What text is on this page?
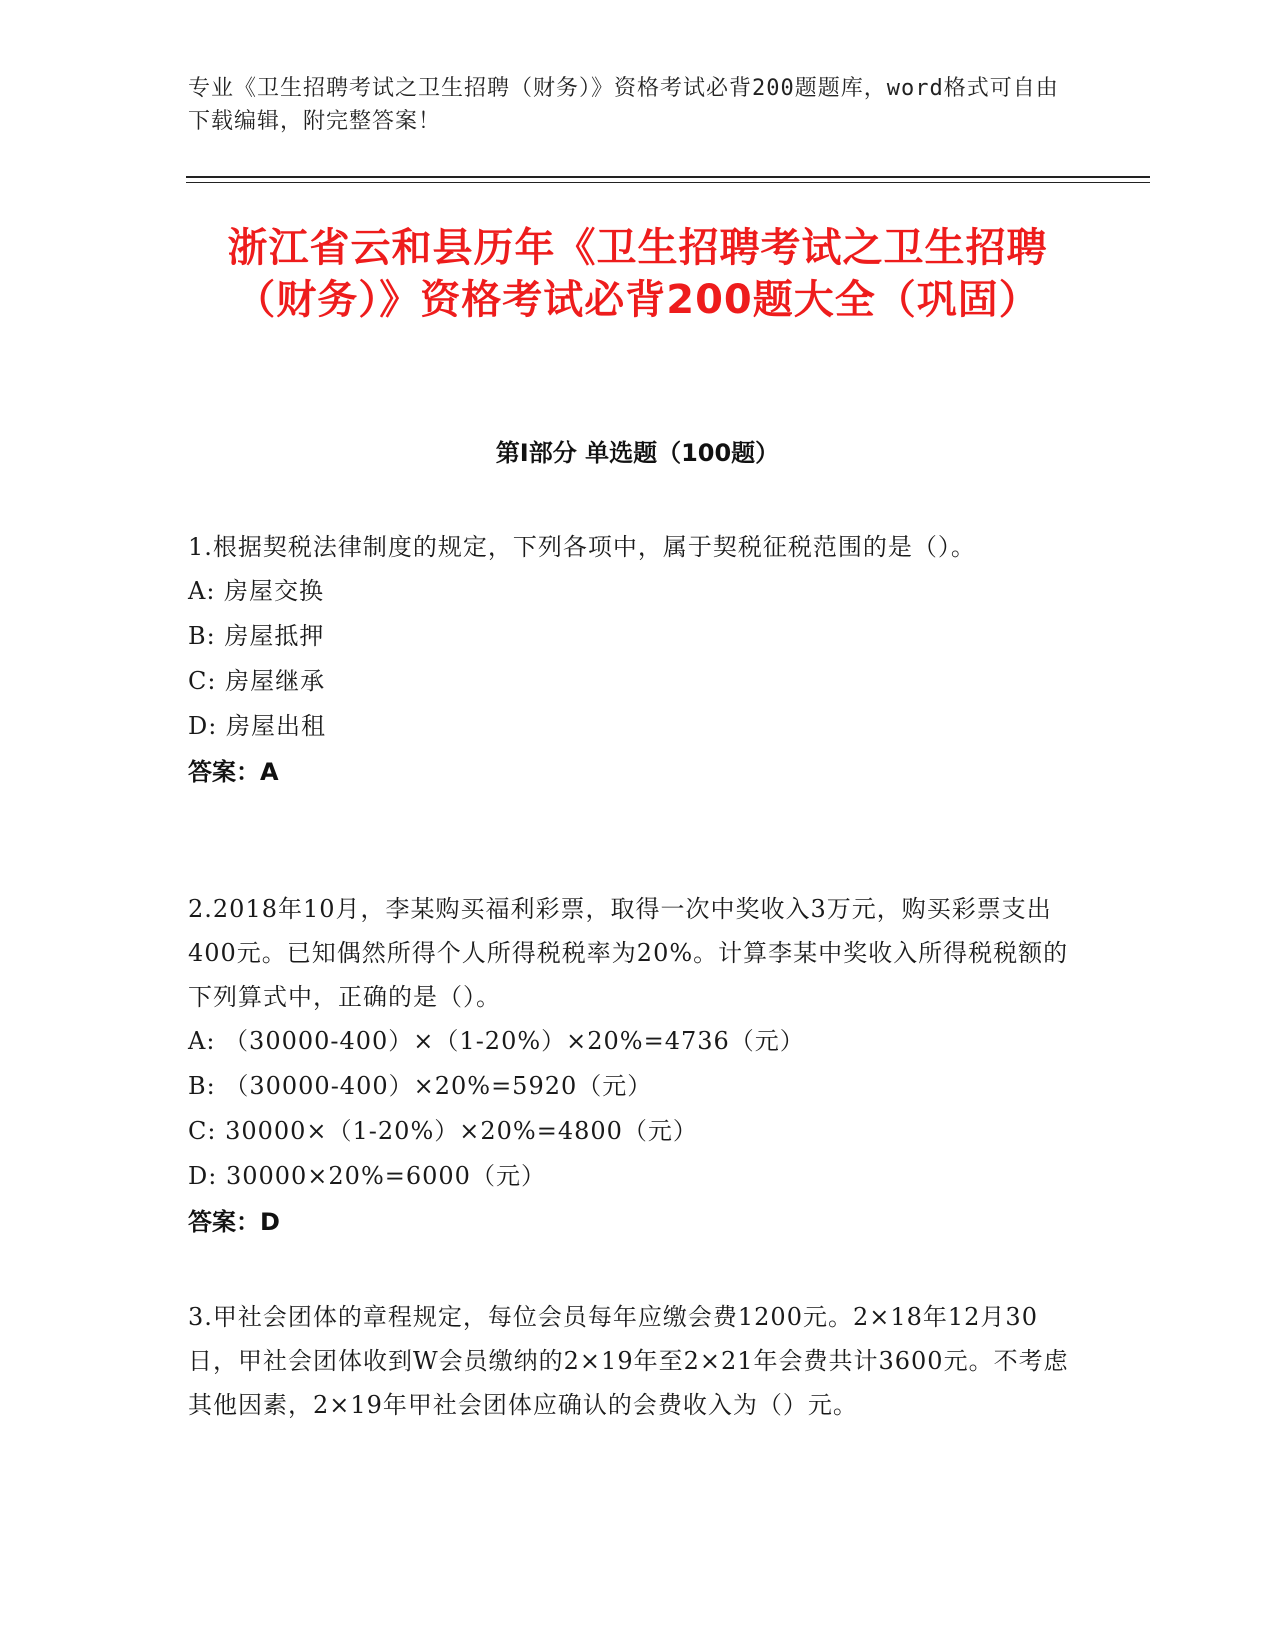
专业《卫生招聘考试之卫生招聘（财务）》资格考试必背200题题库，word格式可自由下载编辑，附完整答案！
浙江省云和县历年《卫生招聘考试之卫生招聘（财务）》资格考试必背200题大全（巩固）
第Ⅰ部分 单选题（100题）
1.根据契税法律制度的规定，下列各项中，属于契税征税范围的是（）。
A: 房屋交换
B: 房屋抵押
C: 房屋继承
D: 房屋出租
答案：A
2.2018年10月，李某购买福利彩票，取得一次中奖收入3万元，购买彩票支出400元。已知偶然所得个人所得税税率为20%。计算李某中奖收入所得税税额的下列算式中，正确的是（）。
A: （30000-400）×（1-20%）×20%=4736（元）
B: （30000-400）×20%=5920（元）
C: 30000×（1-20%）×20%=4800（元）
D: 30000×20%=6000（元）
答案：D
3.甲社会团体的章程规定，每位会员每年应缴会费1200元。2×18年12月30日，甲社会团体收到W会员缴纳的2×19年至2×21年会费共计3600元。不考虑其他因素，2×19年甲社会团体应确认的会费收入为（）元。
